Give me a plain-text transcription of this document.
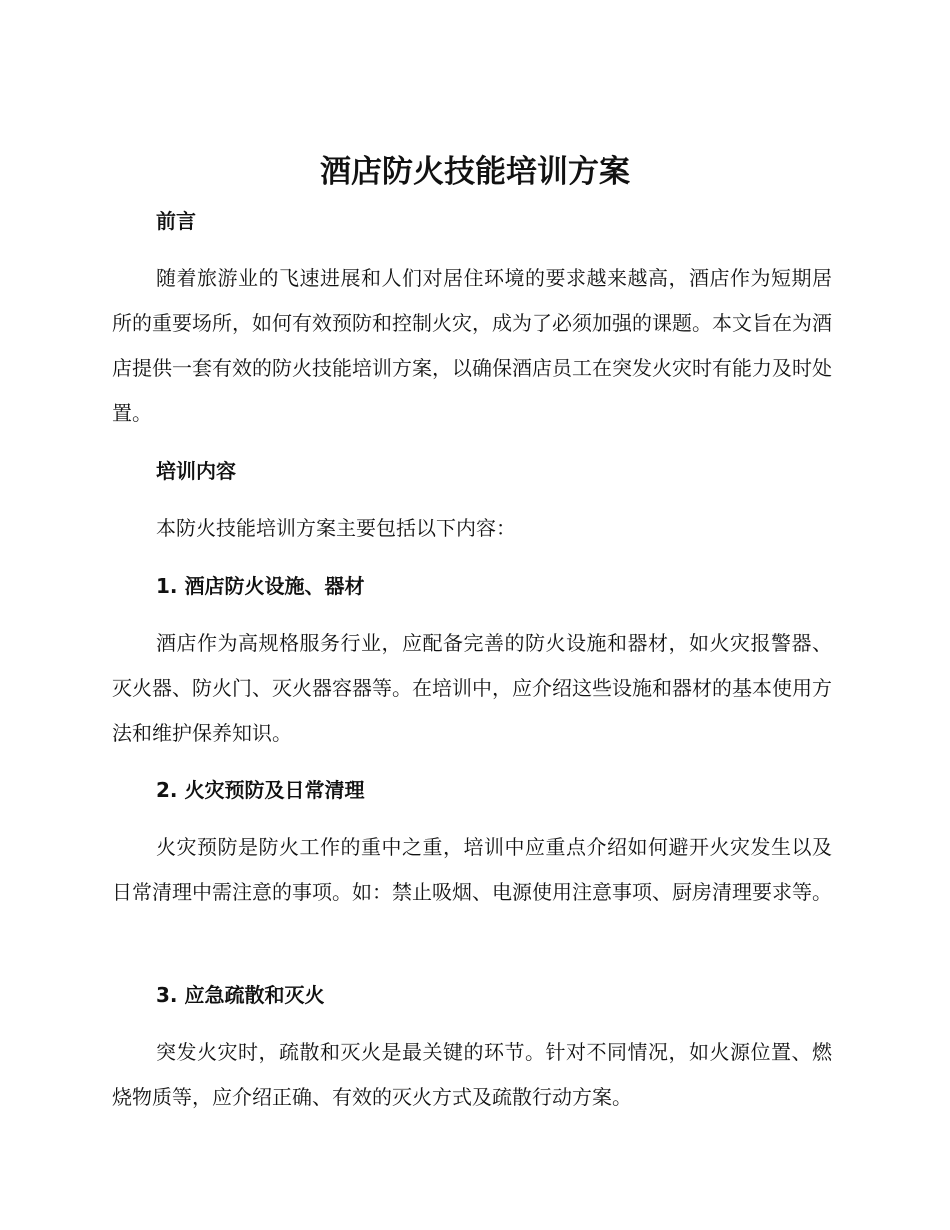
酒店防火技能培训方案
前言

随着旅游业的飞速进展和人们对居住环境的要求越来越高，酒店作为短期居所的重要场所，如何有效预防和控制火灾，成为了必须加强的课题。本文旨在为酒店提供一套有效的防火技能培训方案，以确保酒店员工在突发火灾时有能力及时处置。

培训内容

本防火技能培训方案主要包括以下内容：

1. 酒店防火设施、器材

酒店作为高规格服务行业，应配备完善的防火设施和器材，如火灾报警器、灭火器、防火门、灭火器容器等。在培训中，应介绍这些设施和器材的基本使用方法和维护保养知识。

2. 火灾预防及日常清理

火灾预防是防火工作的重中之重，培训中应重点介绍如何避开火灾发生以及日常清理中需注意的事项。如：禁止吸烟、电源使用注意事项、厨房清理要求等。

3. 应急疏散和灭火

突发火灾时，疏散和灭火是最关键的环节。针对不同情况，如火源位置、燃烧物质等，应介绍正确、有效的灭火方式及疏散行动方案。
